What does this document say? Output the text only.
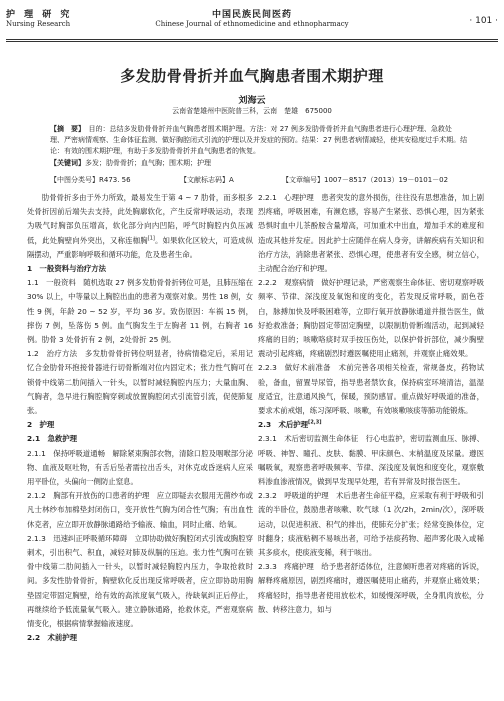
护 理 研 究
Nursing Research
中国民族民间医药
Chinese Journal of ethnomedicine and ethnopharmacy	· 101 ·
多发肋骨骨折并血气胸患者围术期护理
刘海云
云南省楚雄州中医院普三科，云南　楚雄　675000
【摘　要】　 目的：总结多发肋骨骨折并血气胸患者围术期护理。方法：对 27 例多发肋骨骨折并血气胸患者进行心理护理、急救处
理、严密病情观察、生命体征监测、做好胸腔闭式引流的护理以及并发症的预防。结果：27 例患者病情减轻，使其安稳度过手术期。结
论：有效的围术期护理，有助于多发肋骨骨折并血气胸患者的恢复。
【关键词】多发；肋骨骨折；血气胸；围术期；护理
【中图分类号】R473. 56	【文献标志码】A	【文章编号】1007－8517（2013）19－0101－02

肋骨骨折多由于外力所致，最易发生于第 4 ~ 7 肋骨，而多根多处骨折因前后端失去支持，此处胸廓软化，产生反常呼吸运动，表现为吸气时胸部负压增高，软化部分向内凹陷，呼气时胸腔内负压减低，此处胸壁向外突出，又称连枷胸[1]。如果软化区较大，可造成纵隔摆动，严重影响呼吸和循环功能，危及患者生命。

1　一般资料与治疗方法

1.1　一般资料　随机选取 27 例多发肋骨骨折铐位可是，且肺压缩在 30% 以上，中等量以上胸腔出血的患者为观察对象。男性 18 例，女性 9 例，年龄 20 ~ 52 岁，平均 36 岁。致伤原因：车祸 15 例，摔伤 7 例，坠落伤 5 例。血气胸发生于左胸者 11 例，右胸者 16 例。肋骨 3 处骨折有 2 例，2处骨折 25 例。

1.2　治疗方法　多发肋骨骨折铐位明显者，待病情稳定后，采用记忆合金肋骨环抱接骨器进行切骨断端对位内固定术；张力性气胸可在锁骨中线第二肋间插入一针头，以暂时减轻胸腔内压力；大量血胸、气胸者，急早进行胸腔胸穿刺或放置胸腔闭式引流管引流，促使肺复张。

2　护理

2.1　急救护理

2.1.1　保持呼吸道通畅　解除紧束胸部衣物，清除口腔及咽喉部分泌物、血液及呕吐物，有舌后坠者需拉出舌头，对休克或昏迷病人应采用平卧位，头偏向一侧防止窒息。

2.1.2　胸部有开放伤的口患者的护理　应立即疑去衣服用无菌纱布或凡士林纱布加棉垫封闭伤口，变开放性气胸为闭合性气胸；有出血性休克者，应立即开放静脉通路给予输液、输血，同时止痛、给氧。

2.1.3　迅速纠正呼吸循环障碍　立即协助做好胸腔闭式引流或胸腔穿刺术，引出积气、积血，减轻对肺及纵膈的压迫。张力性气胸可在锁骨中线第二肋间插入一针头，以暂时减轻胸腔内压力，争取抢救时间。多发性肋骨骨折，胸壁软化反出现反常呼吸者，应立即协助用胸垫固定带固定胸壁，给有效的高浓度氧气吸入，待缺氧纠正后停止，再继续给予低流量氧气吸入。建立静脉通路，抢救休克，严密观察病情变化，根据病情掌握输液速度。

2.2　术前护理

2.2.1　心理护理　患者突发的意外损伤，往往没有思想准备，加上剧烈疼痛，呼吸困难，有濒危感，容易产生紧张、恐惧心理，因为紧张恐惧时血中儿茶酚胺含量增高，可加重术中出血，增加手术的难度和造成其他并发症。因此护士应随伴在病人身旁，讲解疾病有关知识和治疗方法，消除患者紧张、恐惧心理，使患者有安全感，树立信心，主动配合治疗和护理。

2.2.2　观察病情　做好护理记录，严密观察生命体征、密切观察呼吸频率、节律、深浅度及氧饱和度的变化，若发现反常呼吸，面色苍白，脉搏加快及呼吸困难等，立即行氧开放静脉通道并报告医生，做好抢救准备；胸肋固定带固定胸壁，以限制肋骨断端活动，起到减轻疼痛的目的；咳嗽咯痰时双手按压伤处，以保护骨折部位，减少胸壁震动引起疼痛，疼痛剧烈时遵医嘱使用止痛剂，并观察止痛效果。

2.2.3　做好术前准备　术前完善各项相关检查，常规备皮，药物试验，备血，留置导尿管，指导患者禁饮食，保持病室环境清洁，温湿度适宜，注意通风换气，保暖，预防感冒。重点做好呼吸道的准备，要求术前戒烟，练习深呼吸、咳嗽，有效咳嗽咳痰等肺功能锻炼。

2.3　术后护理[2,3]

2.3.1　术后密切监测生命体征　行心电监护，密切监测血压、脉搏、呼吸、神智、瞳孔、皮肤、黏膜、甲床颜色、末梢温度及尿量。遵医嘱吸氧，观察患者呼吸频率、节律、深浅度及氧饱和度变化，观察敷料渗血渗液情况，做到早发现早处理，若有异常及时报告医生。

2.3.2　呼吸道的护理　术后患者生命征平稳，应采取有利于呼吸和引流的半卧位，鼓励患者咳嗽、吹气球（1 次/2h，2min/次），深呼吸运动，以促进积液、积气的排出，使肺充分扩张；经常变换体位，定时翻身；痰液粘稠不易咳出者，可给予祛痰药物、超声雾化吸入或稀其多痰水，使痰液变稀，利于咳出。

2.3.3　疼痛护理　给予患者舒适体位，注意倾听患者对疼痛的诉说，解释疼痛原因，剧烈疼痛时，遵医嘱使用止痛药，并观察止痛效果；疼痛轻时，指导患者使用放松术，如缓慢深呼吸，全身肌肉放松，分散、转移注意力，如与
